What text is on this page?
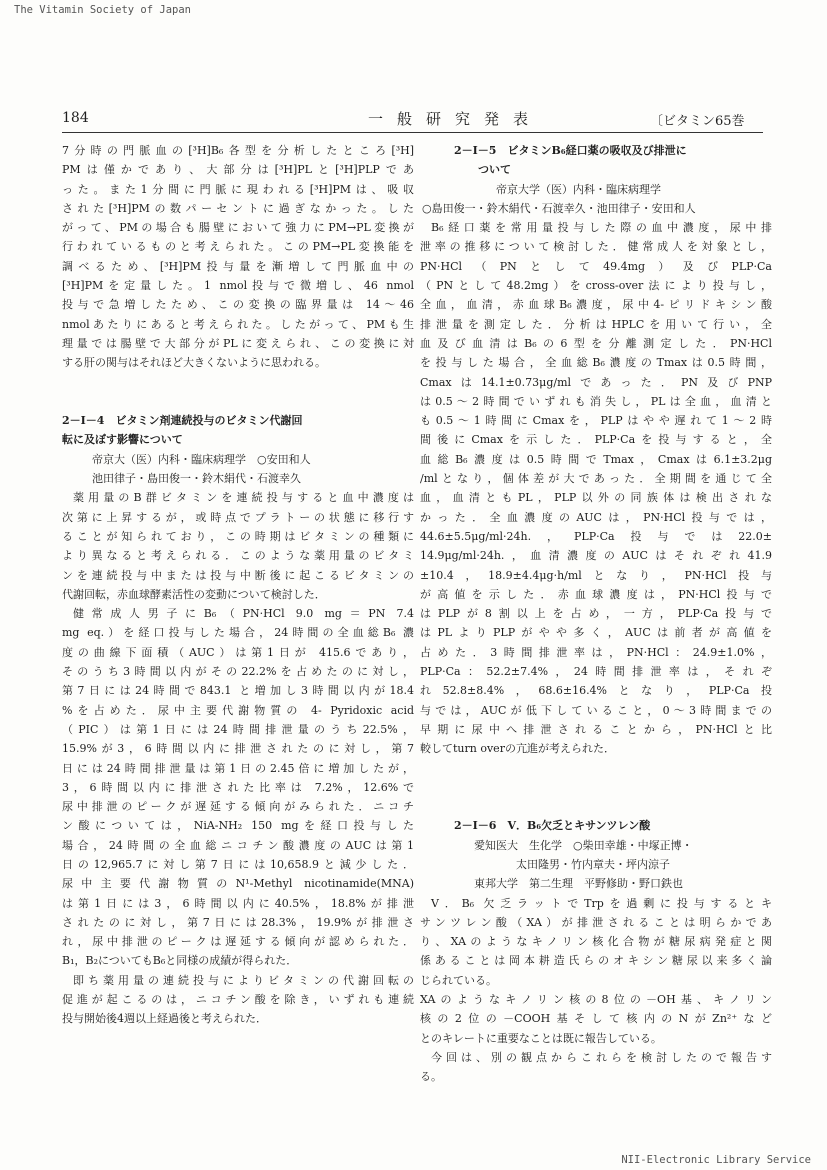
The Vitamin Society of Japan
184	一般研究発表	〔ビタミン65巻
7分時の門脈血の[³H]B₆各型を分析したところ[³H]
PMは僅かであり、大部分は[³H]PLと[³H]PLPであ
った。また1分間に門脈に現われる[³H]PMは、吸収
された[³H]PMの数パーセントに過ぎなかった。した
がって、PMの場合も腸壁において強力にPM→PL変換が
行われているものと考えられた。このPM→PL変換能を
調べるため、[³H]PM投与量を漸増して門脈血中の
[³H]PMを定量した。1 nmol投与で微増し、46 nmol
投与で急増したため、この変換の臨界量は 14～46
nmolあたりにあると考えられた。したがって、PMも生
理量では腸壁で大部分がPLに変えられ、この変換に対
する肝の関与はそれほど大きくないように思われる。
2－I－4　ビタミン剤連続投与のビタミン代謝回
転に及ぼす影響について
帝京大（医）内科・臨床病理学　○安田和人
池田律子・島田俊一・鈴木絹代・石渡幸久
薬用量のB群ビタミンを連続投与すると血中濃度は
次第に上昇するが，或時点でプラトーの状態に移行す
ることが知られており，この時期はビタミンの種類に
より異なると考えられる．このような薬用量のビタミ
ンを連続投与中または投与中断後に起こるビタミンの
代謝回転，赤血球酵素活性の変動について検討した．
健常成人男子にB₆（PN·HCl 9.0 mg＝PN 7.4
mg eq.）を経口投与した場合，24時間の全血総B₆ 濃
度の曲線下面積（AUC）は第1日が 415.6であり，
そのうち3時間以内がその22.2%を占めたのに対し，
第7日には24時間で843.1 と増加し3時間以内が18.4
%を占めた．尿中主要代謝物質の 4- Pyridoxic acid
（PIC）は第1日には24時間排泄量のうち22.5%，
15.9%が3，6時間以内に排泄されたのに対し，第7
日には24時間排泄量は第1日の2.45倍に増加したが，
3，6時間以内に排泄された比率は 7.2%，12.6%で
尿中排泄のピークが遅延する傾向がみられた．ニコチ
ン酸については，NiA-NH₂ 150 mgを経口投与した
場合，24時間の全血総ニコチン酸濃度のAUCは第1
日の12,965.7に対し第7日には10,658.9と減少した．
尿中主要代謝物質のN¹-Methyl nicotinamide(MNA)
は第1日には3，6時間以内に40.5%，18.8%が排泄
されたのに対し，第7日には28.3%，19.9%が排泄さ
れ，尿中排泄のピークは遅延する傾向が認められた．
B₁，B₂についてもB₆と同様の成績が得られた．
即ち薬用量の連続投与によりビタミンの代謝回転の
促進が起こるのは，ニコチン酸を除き，いずれも連続
投与開始後4週以上経過後と考えられた．
2－I－5　ビタミンB₆経口薬の吸収及び排泄に
ついて
帝京大学（医）内科・臨床病理学
○島田俊一・鈴木絹代・石渡幸久・池田律子・安田和人
B₆経口薬を常用量投与した際の血中濃度，尿中排
泄率の推移について検討した．健常成人を対象とし，
PN·HCl（PNとして49.4mg）及びPLP·Ca
（PNとして48.2mg）をcross-over法により投与し，
全血，血清，赤血球B₆濃度，尿中4-ピリドキシン酸
排泄量を測定した．分析はHPLCを用いて行い，全
血及び血清はB₆の6型を分離測定した．PN·HCl
を投与した場合，全血総B₆濃度のTmaxは0.5時間，
Cmaxは14.1±0.73μg/mlであった．PN及びPNP
は0.5～2時間でいずれも消失し，PLは全血，血清と
も0.5～1時間にCmaxを，PLPはやや遅れて1～2時
間後にCmaxを示した．PLP·Caを投与すると，全
血総B₆濃度は0.5時間でTmax，Cmaxは6.1±3.2μg
/mlとなり，個体差が大であった．全期間を通じて全
血，血清ともPL，PLP以外の同族体は検出されな
かった．全血濃度のAUCは，PN·HCl投与では，
44.6±5.5μg/ml·24h.，PLP·Ca投与では22.0±
14.9μg/ml·24h.，血清濃度のAUCはそれぞれ41.9
±10.4，18.9±4.4μg·h/mlとなり，PN·HCl投与
が高値を示した．赤血球濃度は，PN·HCl投与で
はPLPが8割以上を占め，一方，PLP·Ca投与で
はPLよりPLPがやや多く，AUCは前者が高値を
占めた．3時間排泄率は，PN·HCl：24.9±1.0%，
PLP·Ca：52.2±7.4%，24時間排泄率は，それぞ
れ52.8±8.4%，68.6±16.4%となり，PLP·Ca投
与では，AUCが低下していること，0～3時間までの
早期に尿中へ排泄されることから，PN·HClと比
較してturn overの亢進が考えられた．
2－I－6　V．B₆欠乏とキサンツレン酸
愛知医大　生化学　○柴田幸雄・中塚正博・
太田隆男・竹内章夫・坪内涼子
東邦大学　第二生理　平野修助・野口鉄也
V．B₆ 欠乏ラットでTrpを過剰に投与するとキ
サンツレン酸（XA）が排泄されることは明らかであ
り、XAのようなキノリン核化合物が糖尿病発症と関
係あることは岡本耕造氏らのオキシン糖尿以来多く論
じられている。
XAのようなキノリン核の8位の－OH基、キノリン
核の2位の－COOH基そして核内のNがZn²⁺など
とのキレートに重要なことは既に報告している。
今回は、別の観点からこれらを検討したので報告す
る。
NII-Electronic Library Service
